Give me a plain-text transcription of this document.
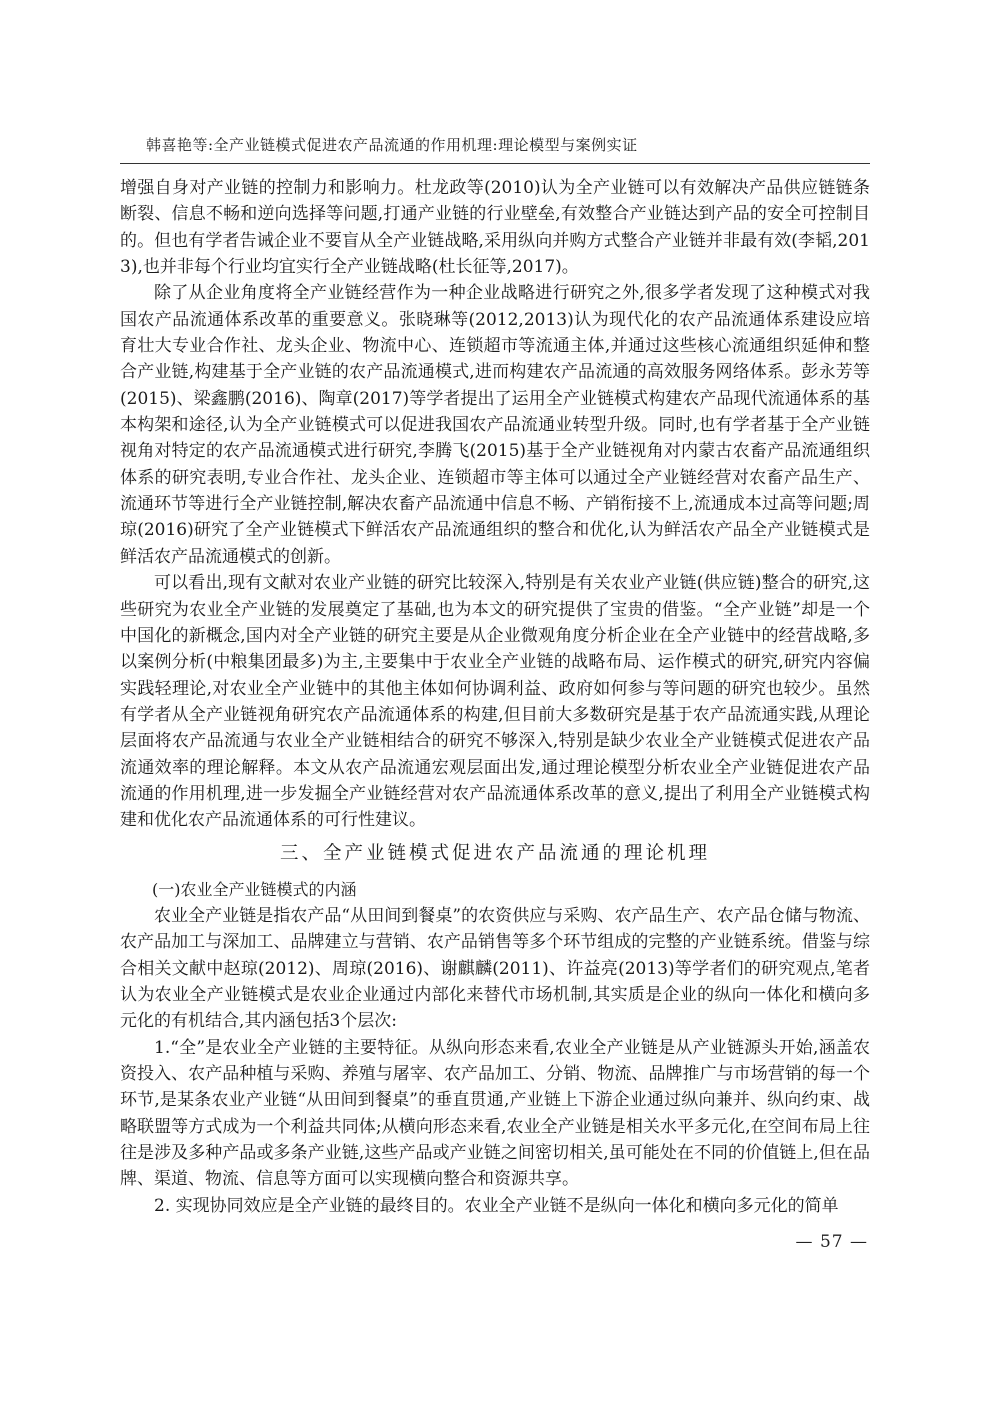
韩喜艳等:全产业链模式促进农产品流通的作用机理:理论模型与案例实证

增强自身对产业链的控制力和影响力。杜龙政等(2010)认为全产业链可以有效解决产品供应链链条断裂、信息不畅和逆向选择等问题,打通产业链的行业壁垒,有效整合产业链达到产品的安全可控制目的。但也有学者告诫企业不要盲从全产业链战略,采用纵向并购方式整合产业链并非最有效(李韬,2013),也并非每个行业均宜实行全产业链战略(杜长征等,2017)。

除了从企业角度将全产业链经营作为一种企业战略进行研究之外,很多学者发现了这种模式对我国农产品流通体系改革的重要意义。张晓琳等(2012,2013)认为现代化的农产品流通体系建设应培育壮大专业合作社、龙头企业、物流中心、连锁超市等流通主体,并通过这些核心流通组织延伸和整合产业链,构建基于全产业链的农产品流通模式,进而构建农产品流通的高效服务网络体系。彭永芳等(2015)、梁鑫鹏(2016)、陶章(2017)等学者提出了运用全产业链模式构建农产品现代流通体系的基本构架和途径,认为全产业链模式可以促进我国农产品流通业转型升级。同时,也有学者基于全产业链视角对特定的农产品流通模式进行研究,李腾飞(2015)基于全产业链视角对内蒙古农畜产品流通组织体系的研究表明,专业合作社、龙头企业、连锁超市等主体可以通过全产业链经营对农畜产品生产、流通环节等进行全产业链控制,解决农畜产品流通中信息不畅、产销衔接不上,流通成本过高等问题;周琼(2016)研究了全产业链模式下鲜活农产品流通组织的整合和优化,认为鲜活农产品全产业链模式是鲜活农产品流通模式的创新。

可以看出,现有文献对农业产业链的研究比较深入,特别是有关农业产业链(供应链)整合的研究,这些研究为农业全产业链的发展奠定了基础,也为本文的研究提供了宝贵的借鉴。“全产业链”却是一个中国化的新概念,国内对全产业链的研究主要是从企业微观角度分析企业在全产业链中的经营战略,多以案例分析(中粮集团最多)为主,主要集中于农业全产业链的战略布局、运作模式的研究,研究内容偏实践轻理论,对农业全产业链中的其他主体如何协调利益、政府如何参与等问题的研究也较少。虽然有学者从全产业链视角研究农产品流通体系的构建,但目前大多数研究是基于农产品流通实践,从理论层面将农产品流通与农业全产业链相结合的研究不够深入,特别是缺少农业全产业链模式促进农产品流通效率的理论解释。本文从农产品流通宏观层面出发,通过理论模型分析农业全产业链促进农产品流通的作用机理,进一步发掘全产业链经营对农产品流通体系改革的意义,提出了利用全产业链模式构建和优化农产品流通体系的可行性建议。

三、全产业链模式促进农产品流通的理论机理
(一)农业全产业链模式的内涵

农业全产业链是指农产品“从田间到餐桌”的农资供应与采购、农产品生产、农产品仓储与物流、农产品加工与深加工、品牌建立与营销、农产品销售等多个环节组成的完整的产业链系统。借鉴与综合相关文献中赵琼(2012)、周琼(2016)、谢麒麟(2011)、许益亮(2013)等学者们的研究观点,笔者认为农业全产业链模式是农业企业通过内部化来替代市场机制,其实质是企业的纵向一体化和横向多元化的有机结合,其内涵包括3个层次:

1.“全”是农业全产业链的主要特征。从纵向形态来看,农业全产业链是从产业链源头开始,涵盖农资投入、农产品种植与采购、养殖与屠宰、农产品加工、分销、物流、品牌推广与市场营销的每一个环节,是某条农业产业链“从田间到餐桌”的垂直贯通,产业链上下游企业通过纵向兼并、纵向约束、战略联盟等方式成为一个利益共同体;从横向形态来看,农业全产业链是相关水平多元化,在空间布局上往往是涉及多种产品或多条产业链,这些产品或产业链之间密切相关,虽可能处在不同的价值链上,但在品牌、渠道、物流、信息等方面可以实现横向整合和资源共享。

2. 实现协同效应是全产业链的最终目的。农业全产业链不是纵向一体化和横向多元化的简单

— 57 —
